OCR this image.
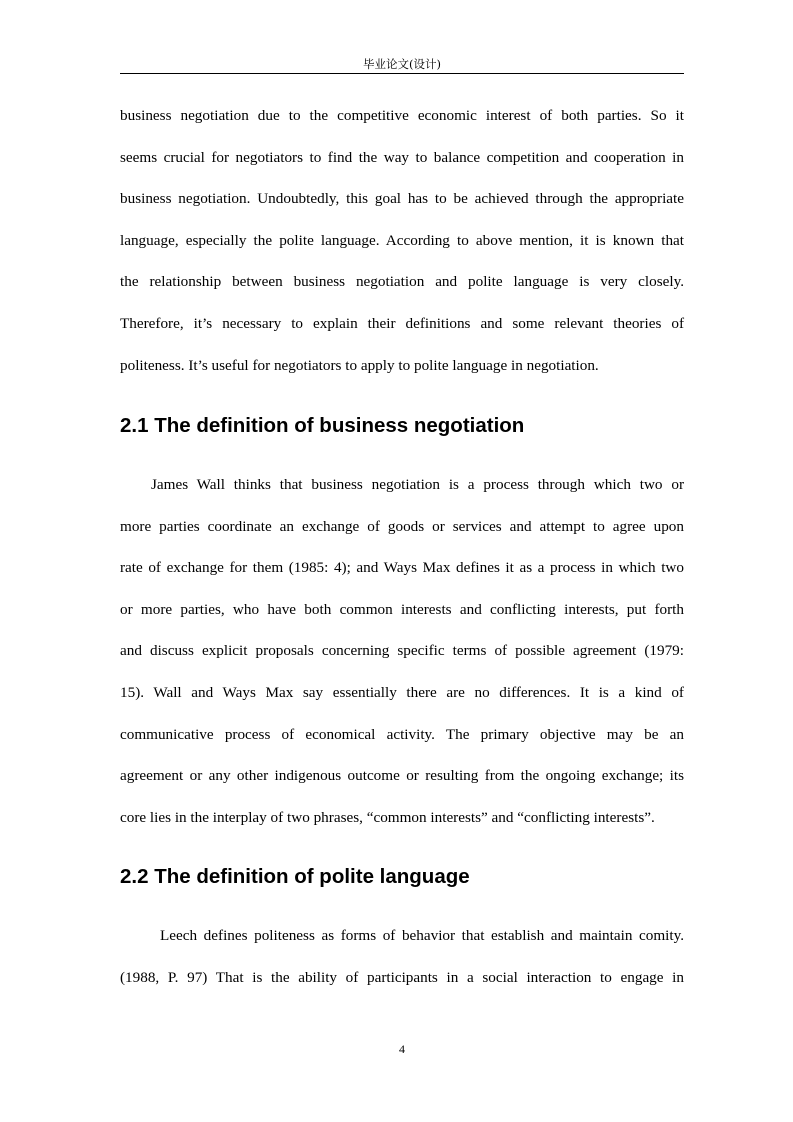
毕业论文(设计)
business negotiation due to the competitive economic interest of both parties. So it
seems crucial for negotiators to find the way to balance competition and cooperation in
business negotiation. Undoubtedly, this goal has to be achieved through the appropriate
language, especially the polite language. According to above mention, it is known that
the relationship between business negotiation and polite language is very closely.
Therefore, it’s necessary to explain their definitions and some relevant theories of
politeness. It’s useful for negotiators to apply to polite language in negotiation.
2.1 The definition of business negotiation
James Wall thinks that business negotiation is a process through which two or
more parties coordinate an exchange of goods or services and attempt to agree upon
rate of exchange for them (1985: 4); and Ways Max defines it as a process in which two
or more parties, who have both common interests and conflicting interests, put forth
and discuss explicit proposals concerning specific terms of possible agreement (1979:
15). Wall and Ways Max say essentially there are no differences. It is a kind of
communicative process of economical activity. The primary objective may be an
agreement or any other indigenous outcome or resulting from the ongoing exchange; its
core lies in the interplay of two phrases, “common interests” and “conflicting interests”.
2.2 The definition of polite language
Leech defines politeness as forms of behavior that establish and maintain comity.
(1988, P. 97) That is the ability of participants in a social interaction to engage in
4
